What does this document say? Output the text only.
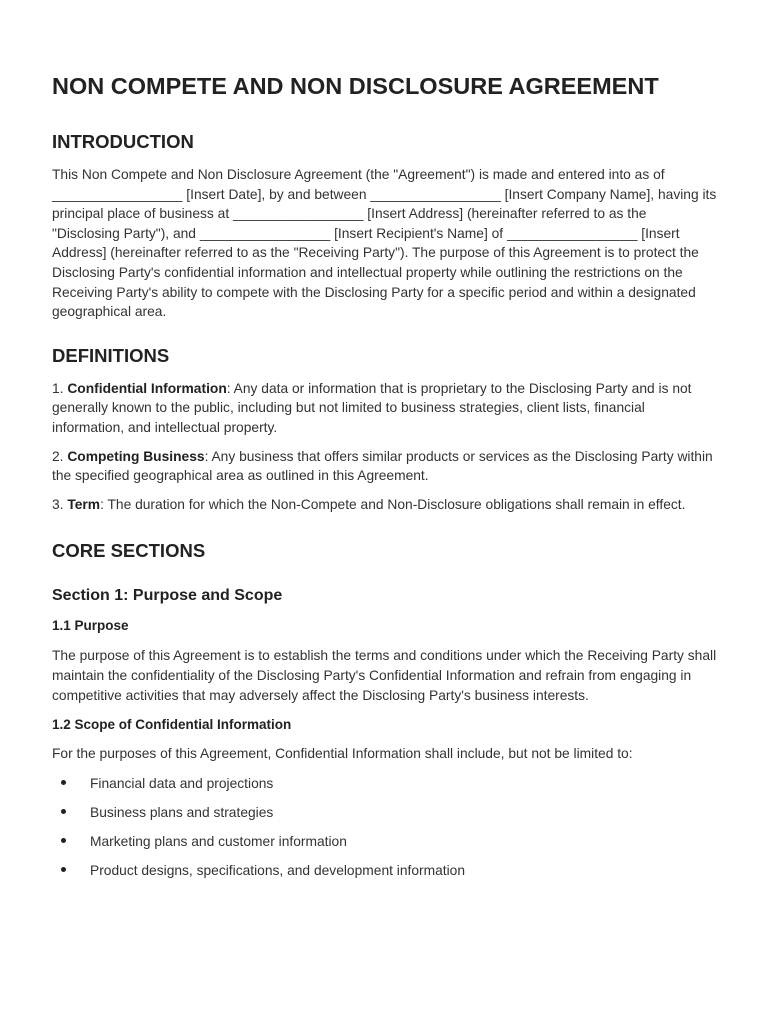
NON COMPETE AND NON DISCLOSURE AGREEMENT
INTRODUCTION

This Non Compete and Non Disclosure Agreement (the "Agreement") is made and entered into as of _________________ [Insert Date], by and between _________________ [Insert Company Name], having its principal place of business at _________________ [Insert Address] (hereinafter referred to as the "Disclosing Party"), and _________________ [Insert Recipient's Name] of _________________ [Insert Address] (hereinafter referred to as the "Receiving Party"). The purpose of this Agreement is to protect the Disclosing Party's confidential information and intellectual property while outlining the restrictions on the Receiving Party's ability to compete with the Disclosing Party for a specific period and within a designated geographical area.

DEFINITIONS

1. Confidential Information: Any data or information that is proprietary to the Disclosing Party and is not generally known to the public, including but not limited to business strategies, client lists, financial information, and intellectual property.

2. Competing Business: Any business that offers similar products or services as the Disclosing Party within the specified geographical area as outlined in this Agreement.

3. Term: The duration for which the Non-Compete and Non-Disclosure obligations shall remain in effect.

CORE SECTIONS
Section 1: Purpose and Scope
1.1 Purpose

The purpose of this Agreement is to establish the terms and conditions under which the Receiving Party shall maintain the confidentiality of the Disclosing Party's Confidential Information and refrain from engaging in competitive activities that may adversely affect the Disclosing Party's business interests.

1.2 Scope of Confidential Information

For the purposes of this Agreement, Confidential Information shall include, but not be limited to:

Financial data and projections
Business plans and strategies
Marketing plans and customer information
Product designs, specifications, and development information
